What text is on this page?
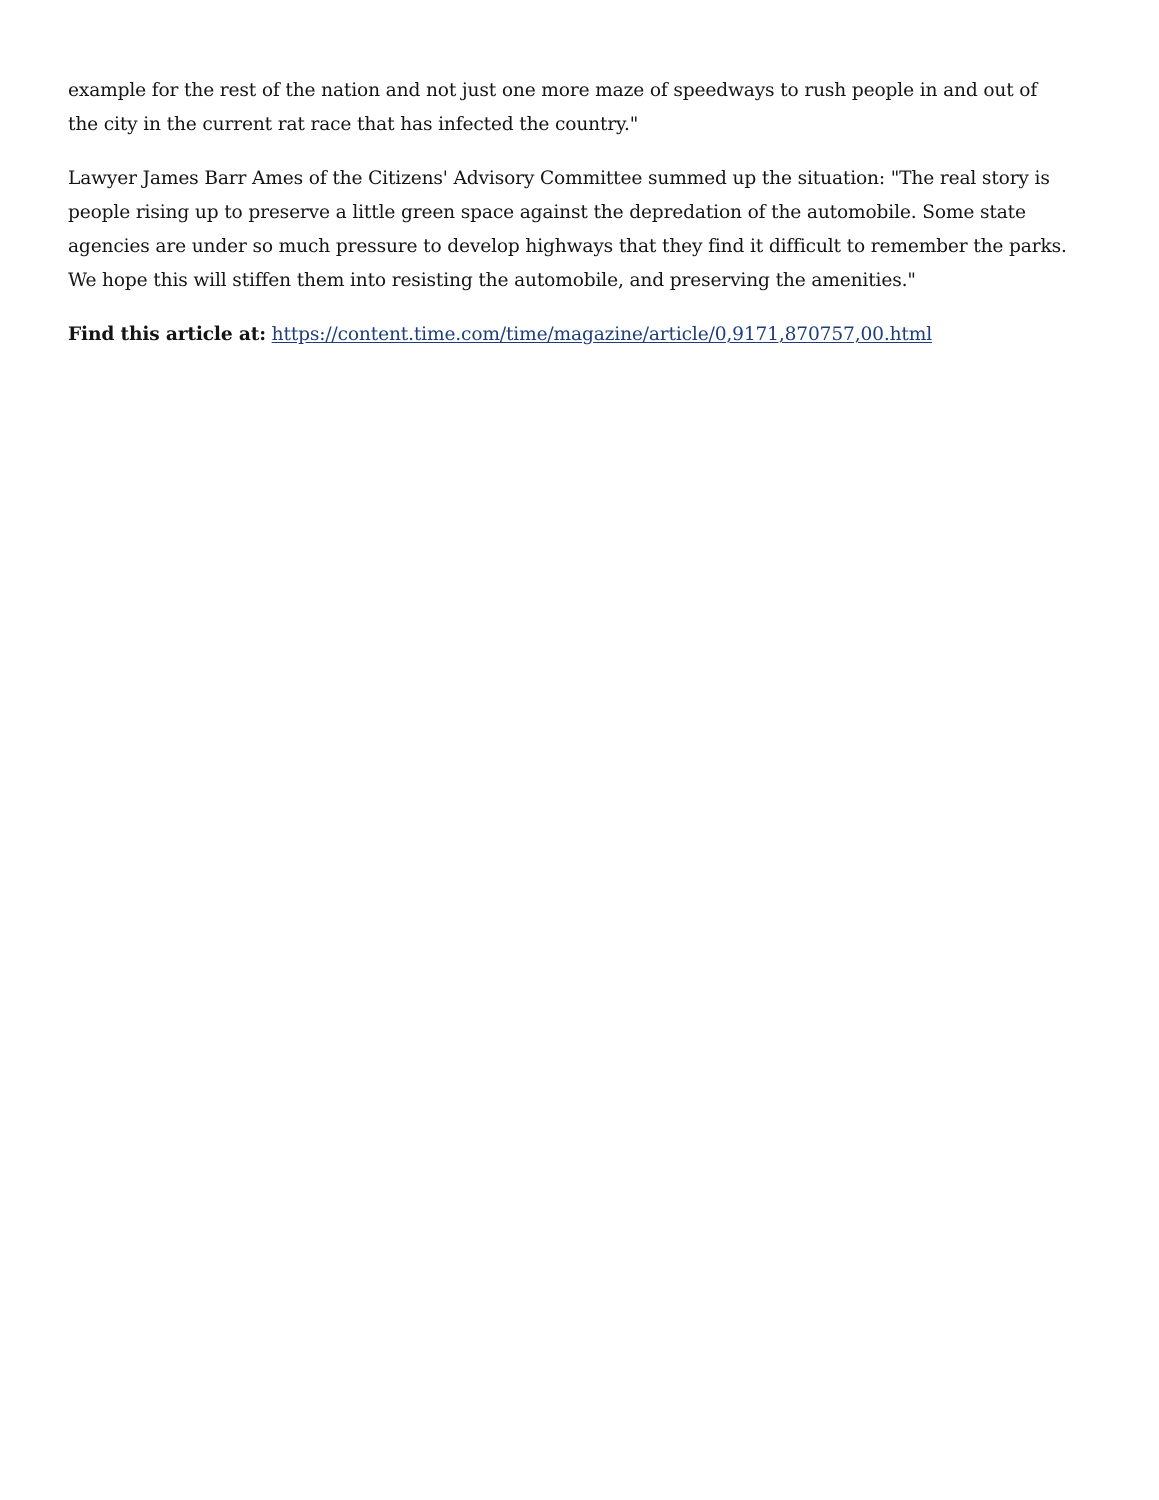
example for the rest of the nation and not just one more maze of speedways to rush people in and out of
the city in the current rat race that has infected the country."

Lawyer James Barr Ames of the Citizens' Advisory Committee summed up the situation: "The real story is
people rising up to preserve a little green space against the depredation of the automobile. Some state
agencies are under so much pressure to develop highways that they find it difficult to remember the parks.
We hope this will stiffen them into resisting the automobile, and preserving the amenities."

Find this article at: https://content.time.com/time/magazine/article/0,9171,870757,00.html
